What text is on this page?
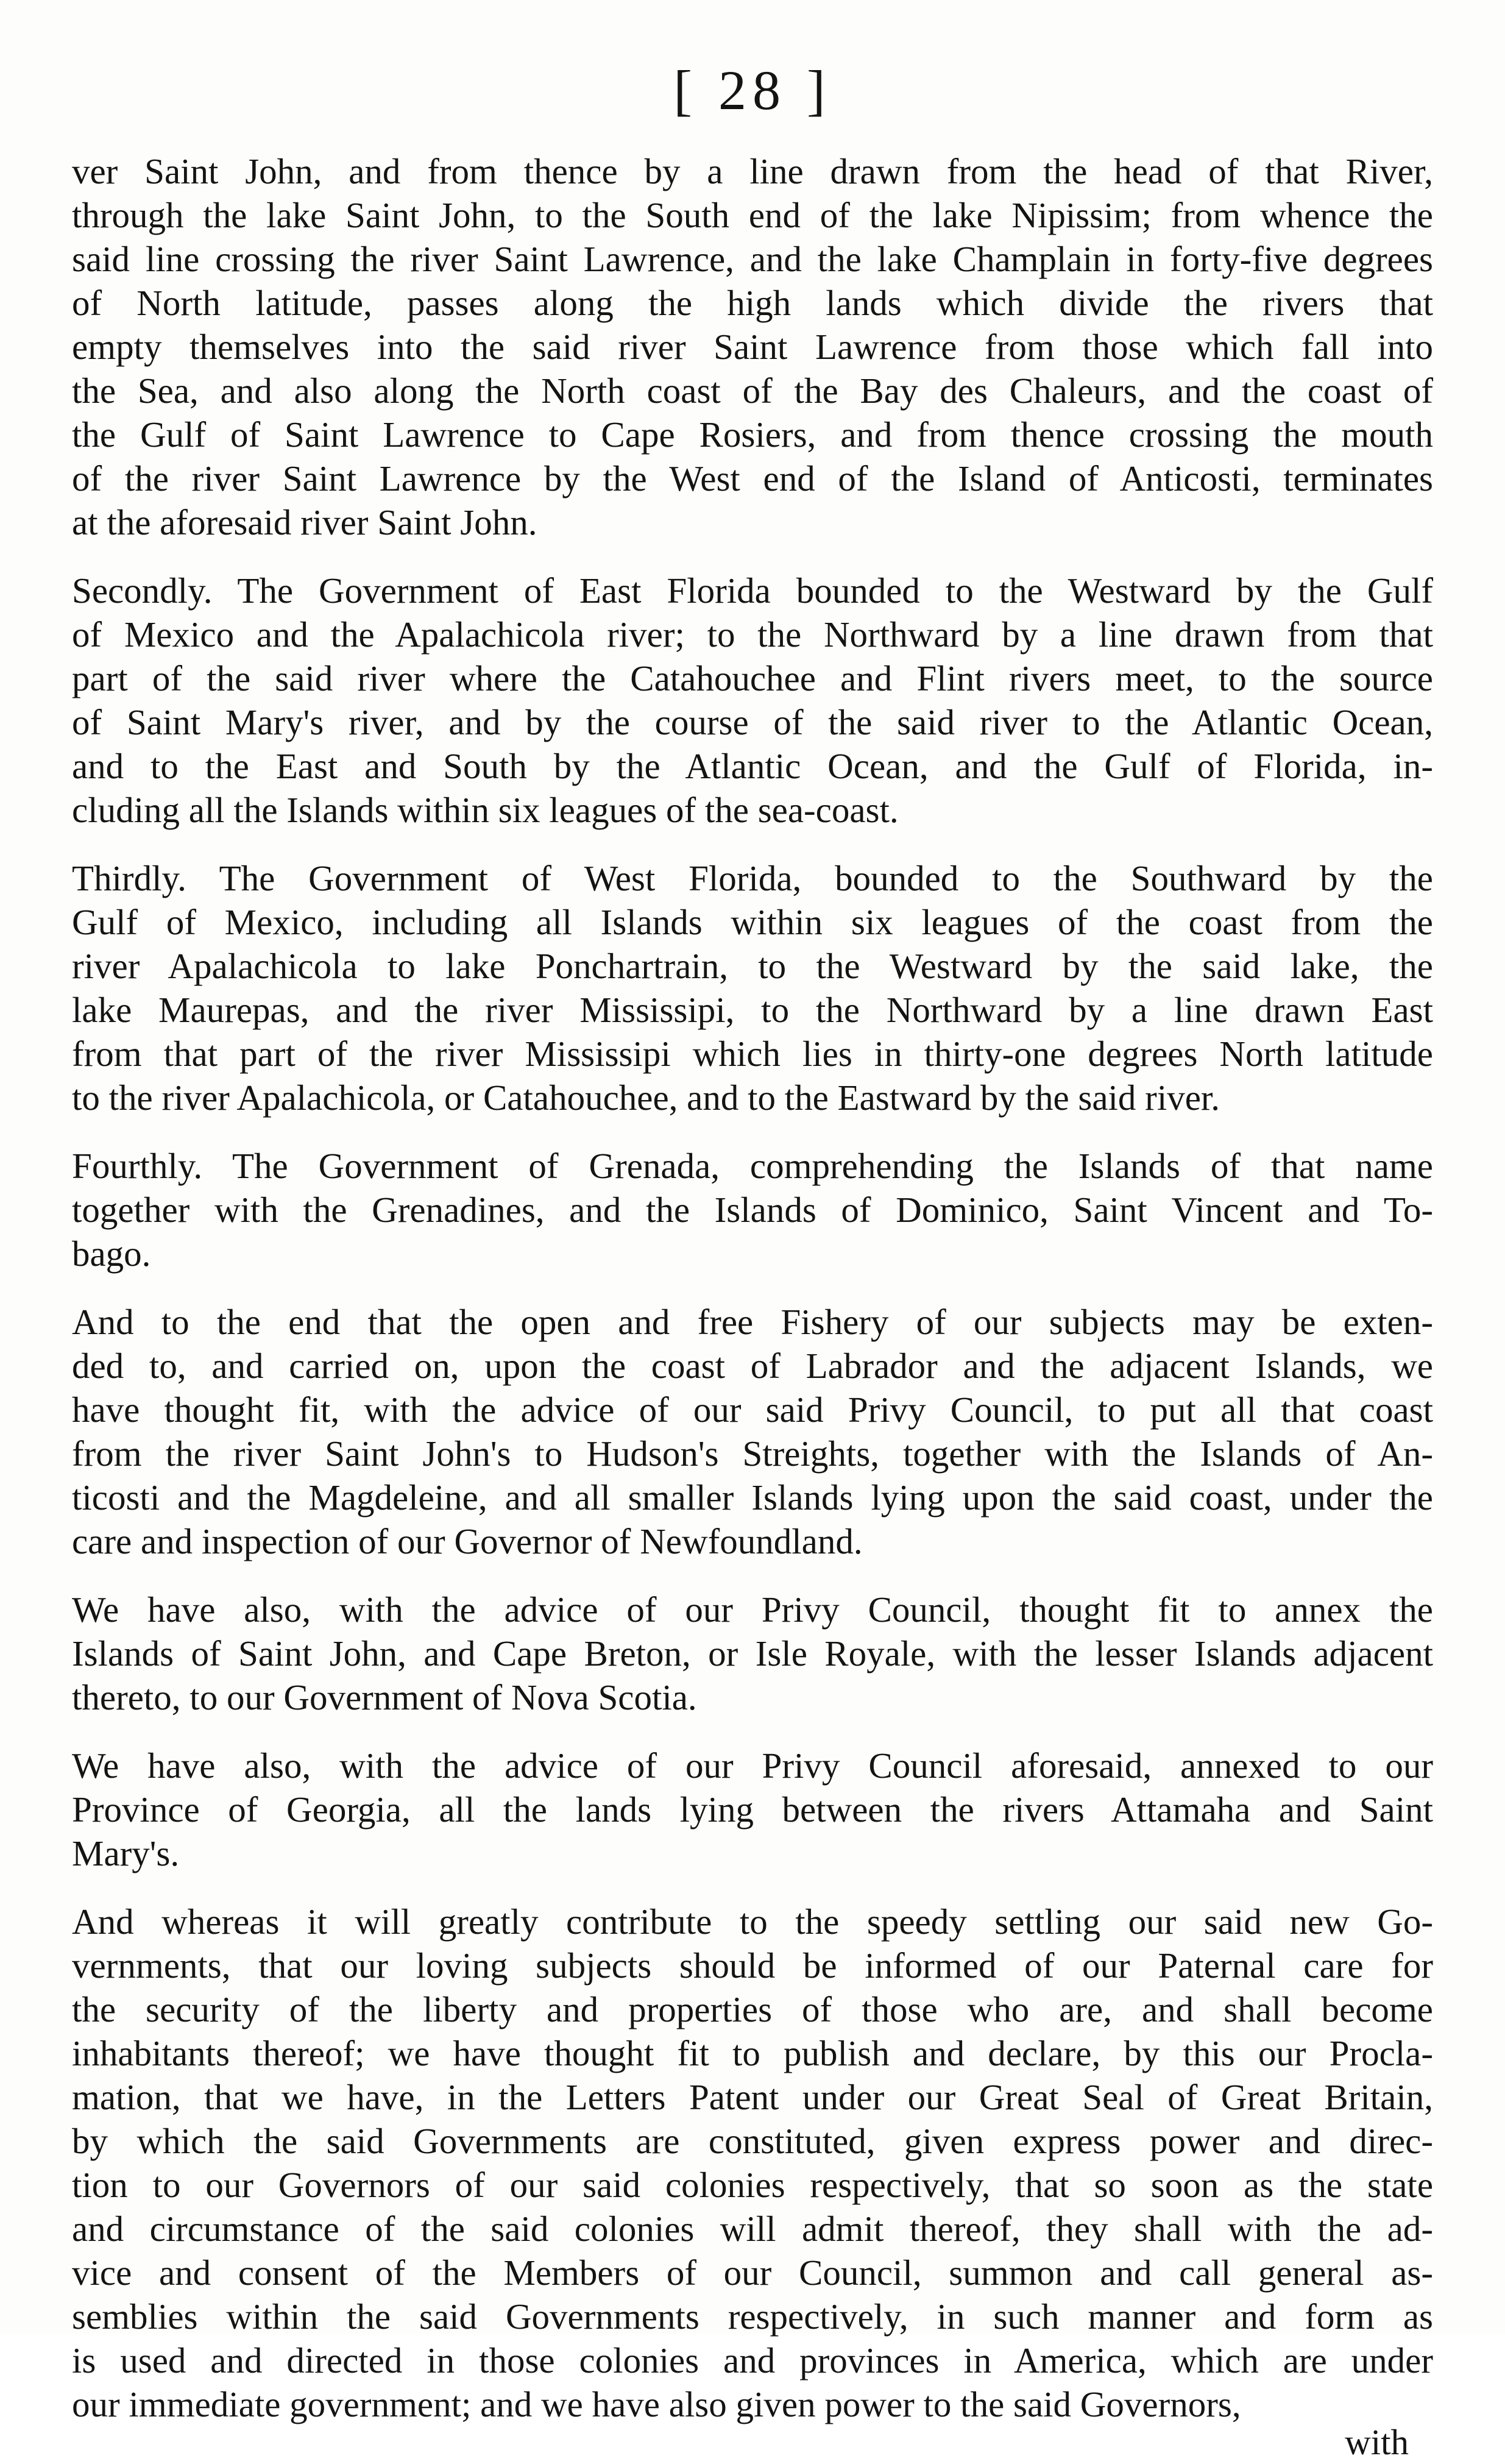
[ 28 ]
ver Saint John, and from thence by a line drawn from the head of that River,
through the lake Saint John, to the South end of the lake Nipissim; from whence the
said line crossing the river Saint Lawrence, and the lake Champlain in forty-five degrees
of North latitude, passes along the high lands which divide the rivers that
empty themselves into the said river Saint Lawrence from those which fall into
the Sea, and also along the North coast of the Bay des Chaleurs, and the coast of
the Gulf of Saint Lawrence to Cape Rosiers, and from thence crossing the mouth
of the river Saint Lawrence by the West end of the Island of Anticosti, terminates
at the aforesaid river Saint John.
Secondly. The Government of East Florida bounded to the Westward by the Gulf
of Mexico and the Apalachicola river; to the Northward by a line drawn from that
part of the said river where the Catahouchee and Flint rivers meet, to the source
of Saint Mary's river, and by the course of the said river to the Atlantic Ocean,
and to the East and South by the Atlantic Ocean, and the Gulf of Florida, in-
cluding all the Islands within six leagues of the sea-coast.
Thirdly. The Government of West Florida, bounded to the Southward by the
Gulf of Mexico, including all Islands within six leagues of the coast from the
river Apalachicola to lake Ponchartrain, to the Westward by the said lake, the
lake Maurepas, and the river Mississipi, to the Northward by a line drawn East
from that part of the river Mississipi which lies in thirty-one degrees North latitude
to the river Apalachicola, or Catahouchee, and to the Eastward by the said river.
Fourthly. The Government of Grenada, comprehending the Islands of that name
together with the Grenadines, and the Islands of Dominico, Saint Vincent and To-
bago.
And to the end that the open and free Fishery of our subjects may be exten-
ded to, and carried on, upon the coast of Labrador and the adjacent Islands, we
have thought fit, with the advice of our said Privy Council, to put all that coast
from the river Saint John's to Hudson's Streights, together with the Islands of An-
ticosti and the Magdeleine, and all smaller Islands lying upon the said coast, under the
care and inspection of our Governor of Newfoundland.
We have also, with the advice of our Privy Council, thought fit to annex the
Islands of Saint John, and Cape Breton, or Isle Royale, with the lesser Islands adjacent
thereto, to our Government of Nova Scotia.
We have also, with the advice of our Privy Council aforesaid, annexed to our
Province of Georgia, all the lands lying between the rivers Attamaha and Saint
Mary's.
And whereas it will greatly contribute to the speedy settling our said new Go-
vernments, that our loving subjects should be informed of our Paternal care for
the security of the liberty and properties of those who are, and shall become
inhabitants thereof; we have thought fit to publish and declare, by this our Procla-
mation, that we have, in the Letters Patent under our Great Seal of Great Britain,
by which the said Governments are constituted, given express power and direc-
tion to our Governors of our said colonies respectively, that so soon as the state
and circumstance of the said colonies will admit thereof, they shall with the ad-
vice and consent of the Members of our Council, summon and call general as-
semblies within the said Governments respectively, in such manner and form as
is used and directed in those colonies and provinces in America, which are under
our immediate government; and we have also given power to the said Governors,
with
